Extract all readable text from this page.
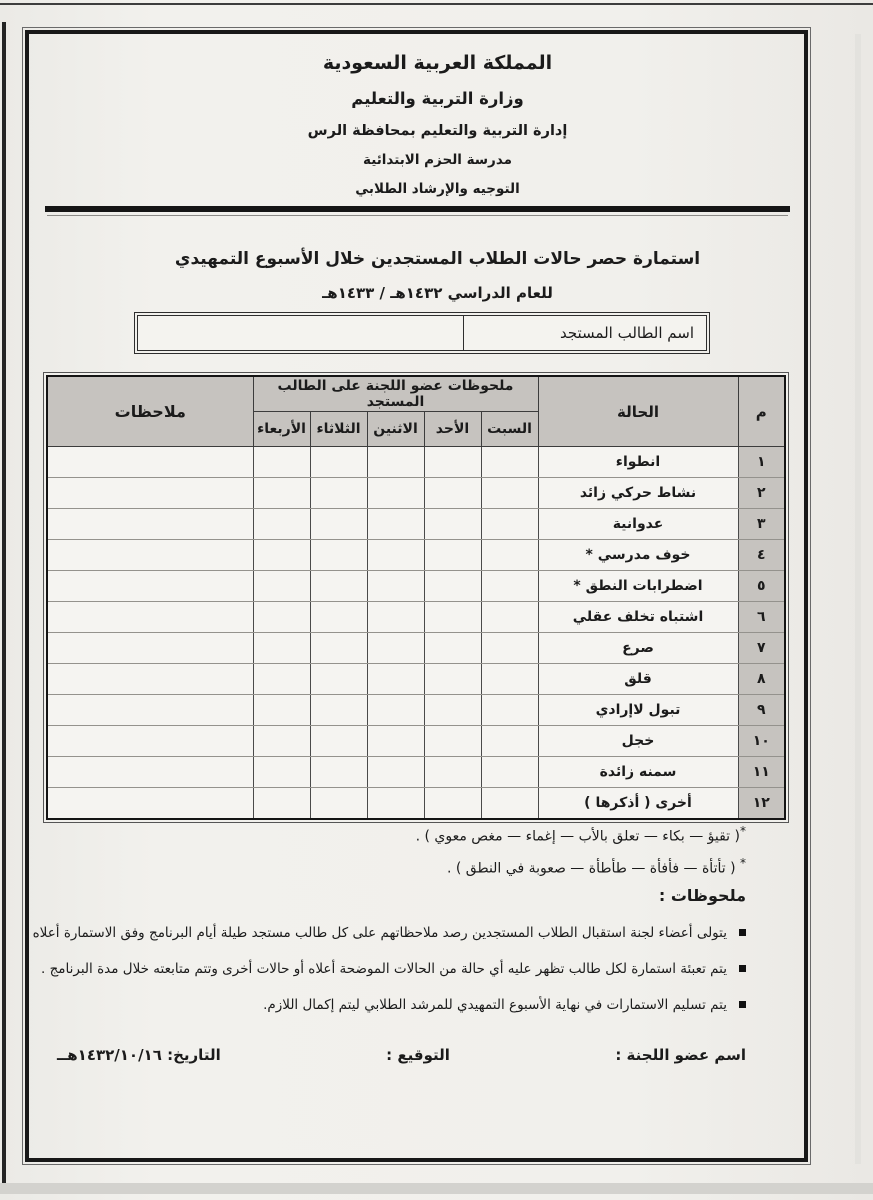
المملكة العربية السعودية
وزارة التربية والتعليم
إدارة التربية والتعليم بمحافظة الرس
مدرسة الحزم الابتدائية
التوجيه والإرشاد الطلابي
استمارة حصر حالات الطلاب المستجدين خلال الأسبوع التمهيدي
للعام الدراسي ١٤٣٢هـ / ١٤٣٣هـ
اسم الطالب المستجد
م	الحالة	ملحوظات عضو اللجنة على الطالب المستجد					ملاحظات
		السبت	الأحد	الاثنين	الثلاثاء	الأربعاء	
١	انطواء						
٢	نشاط حركي زائد						
٣	عدوانية						
٤	خوف مدرسي *						
٥	اضطرابات النطق *						
٦	اشتباه تخلف عقلي						
٧	صرع						
٨	قلق						
٩	تبول لاإرادي						
١٠	خجل						
١١	سمنه زائدة						
١٢	أخرى ( أذكرها )						
*( تقيؤ — بكاء — تعلق بالأب — إغماء — مغص معوي ) .
* ( تأتأة — فأفأة — طأطأة — صعوبة في النطق ) .
ملحوظات :
يتولى أعضاء لجنة استقبال الطلاب المستجدين رصد ملاحظاتهم على كل طالب مستجد طيلة أيام البرنامج وفق الاستمارة أعلاه .
يتم تعبئة استمارة لكل طالب تظهر عليه أي حالة من الحالات الموضحة أعلاه أو حالات أخرى وتتم متابعته خلال مدة البرنامج .
يتم تسليم الاستمارات في نهاية الأسبوع التمهيدي للمرشد الطلابي ليتم إكمال اللازم.
اسم عضو اللجنة :
التوقيع :
التاريخ: ١٤٣٢/١٠/١٦هــ
